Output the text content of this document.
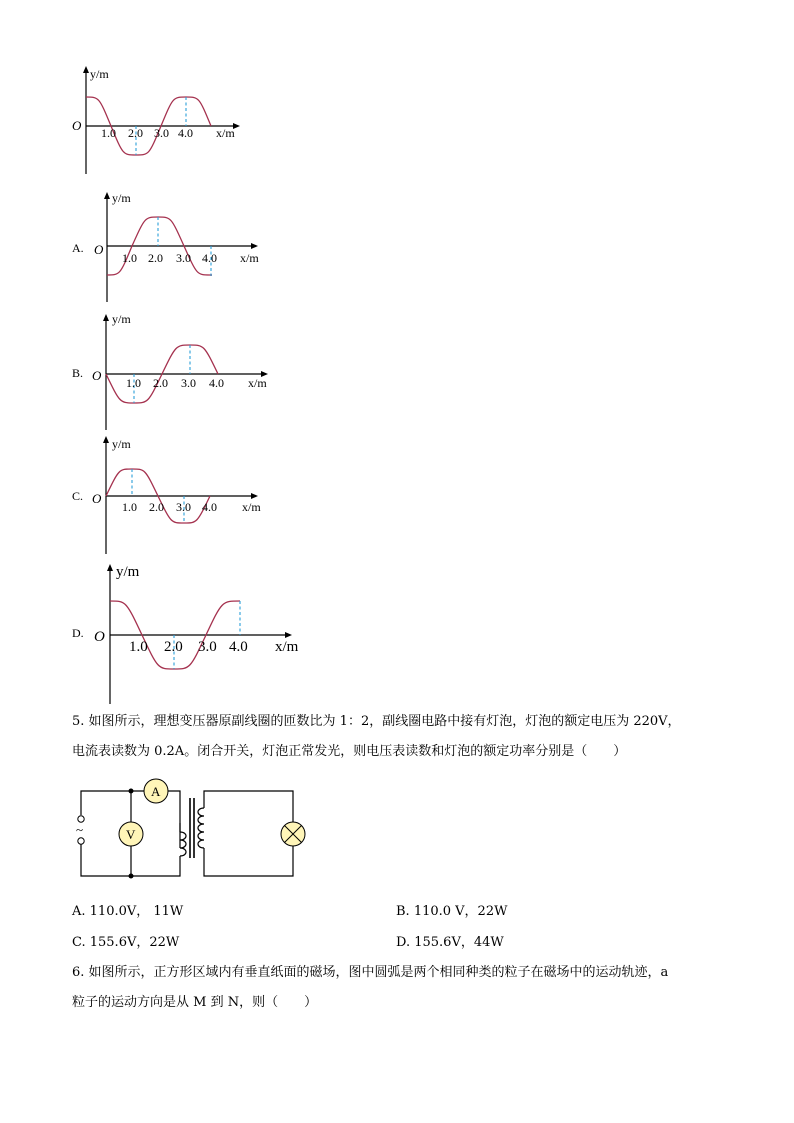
y/m
O 1.0 2.0 3.0 4.0 x/m
A.
y/m
O
1.0 2.0 3.0 4.0 x/m
B.
y/m
O 1.0 2.0 3.0 4.0 x/m
C.
y/m
O
1.0 2.0 3.0 4.0 x/m
D.
y/m
O
1.0 2.0 3.0 4.0 x/m
5. 如图所示，理想变压器原副线圈的匝数比为 1：2，副线圈电路中接有灯泡，灯泡的额定电压为 220V，
电流表读数为 0.2A。闭合开关，灯泡正常发光，则电压表读数和灯泡的额定功率分别是（　　）
~	V
A
A. 110.0V， 11W	B. 110.0 V，22W
C. 155.6V，22W	D. 155.6V，44W
6. 如图所示，正方形区域内有垂直纸面的磁场，图中圆弧是两个相同种类的粒子在磁场中的运动轨迹，a
粒子的运动方向是从 M 到 N，则（　　）
